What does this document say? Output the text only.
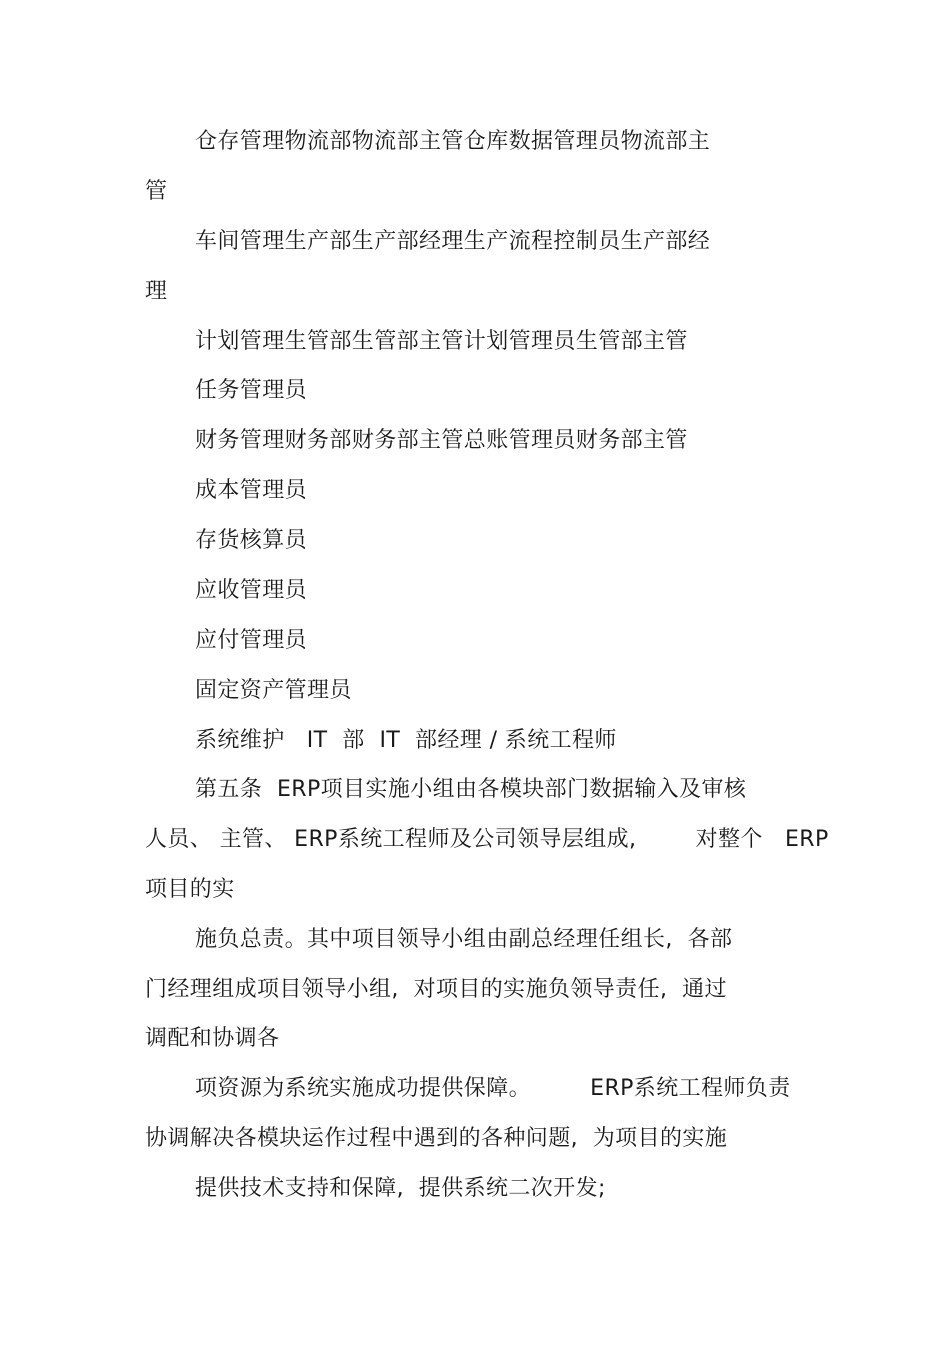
仓存管理物流部物流部主管仓库数据管理员物流部主
管
车间管理生产部生产部经理生产流程控制员生产部经
理
计划管理生管部生管部主管计划管理员生管部主管
任务管理员
财务管理财务部财务部主管总账管理员财务部主管
成本管理员
存货核算员
应收管理员
应付管理员
固定资产管理员
系统维护   IT  部  IT  部经理 / 系统工程师
第五条  ERP项目实施小组由各模块部门数据输入及审核
人员、 主管、 ERP系统工程师及公司领导层组成,        对整个   ERP
项目的实
施负总责。其中项目领导小组由副总经理任组长,  各部
门经理组成项目领导小组,  对项目的实施负领导责任,  通过
调配和协调各
项资源为系统实施成功提供保障。        ERP系统工程师负责
协调解决各模块运作过程中遇到的各种问题,  为项目的实施
提供技术支持和保障,  提供系统二次开发;
